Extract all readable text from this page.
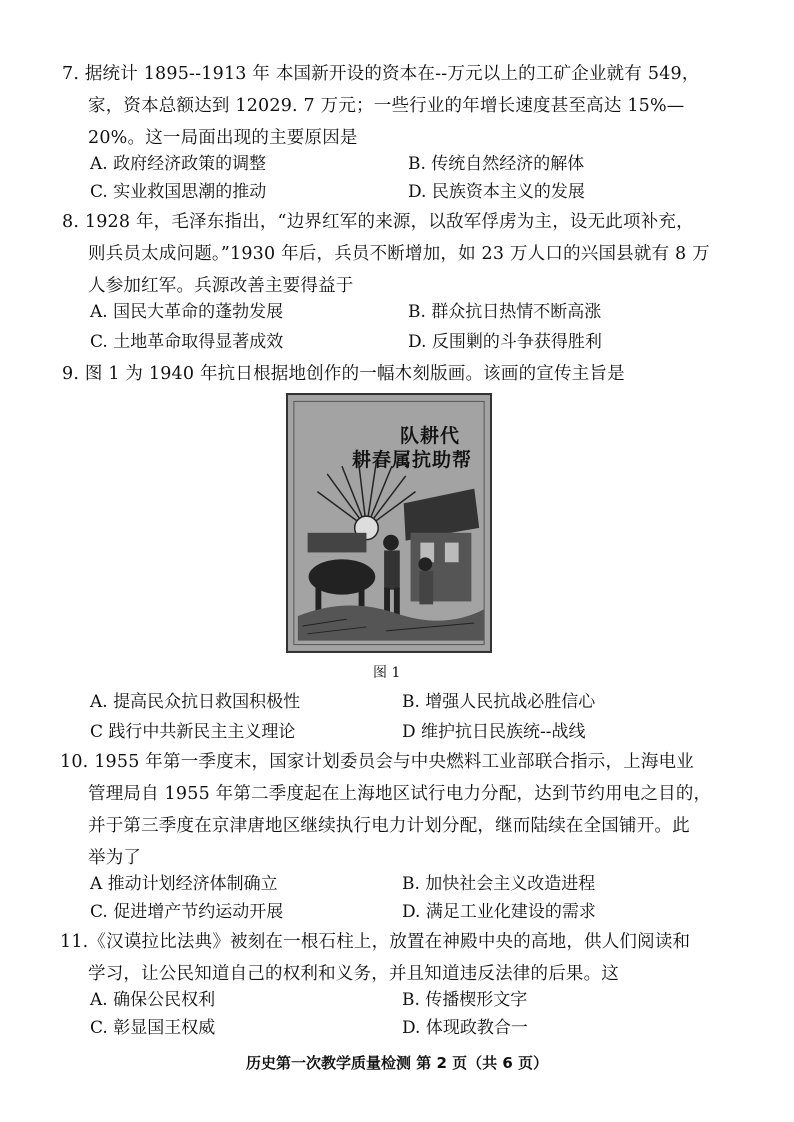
7. 据统计 1895--1913 年 本国新开设的资本在--万元以上的工矿企业就有 549，
家，资本总额达到 12029. 7 万元；一些行业的年增长速度甚至高达 15%—
20%。这一局面出现的主要原因是
A. 政府经济政策的调整	B. 传统自然经济的解体
C. 实业救国思潮的推动	D. 民族资本主义的发展
8. 1928 年，毛泽东指出，“边界红军的来源，以敌军俘虏为主，设无此项补充，
则兵员太成问题。”1930 年后，兵员不断增加，如 23 万人口的兴国县就有 8 万
人参加红军。兵源改善主要得益于
A. 国民大革命的蓬勃发展	B. 群众抗日热情不断高涨
C. 土地革命取得显著成效	D. 反围剿的斗争获得胜利
9. 图 1 为 1940 年抗日根据地创作的一幅木刻版画。该画的宣传主旨是
队耕代
耕春属抗助帮
图 1
A. 提高民众抗日救国积极性	B. 增强人民抗战必胜信心
C 践行中共新民主主义理论	D 维护抗日民族统--战线
10. 1955 年第一季度末，国家计划委员会与中央燃料工业部联合指示，上海电业
管理局自 1955 年第二季度起在上海地区试行电力分配，达到节约用电之目的，
并于第三季度在京津唐地区继续执行电力计划分配，继而陆续在全国铺开。此
举为了
A 推动计划经济体制确立	B. 加快社会主义改造进程
C. 促进增产节约运动开展	D. 满足工业化建设的需求
11.《汉谟拉比法典》被刻在一根石柱上，放置在神殿中央的高地，供人们阅读和
学习，让公民知道自己的权利和义务，并且知道违反法律的后果。这
A. 确保公民权利	B. 传播楔形文字
C. 彰显国王权威	D. 体现政教合一
历史第一次教学质量检测 第 2 页（共 6 页）
